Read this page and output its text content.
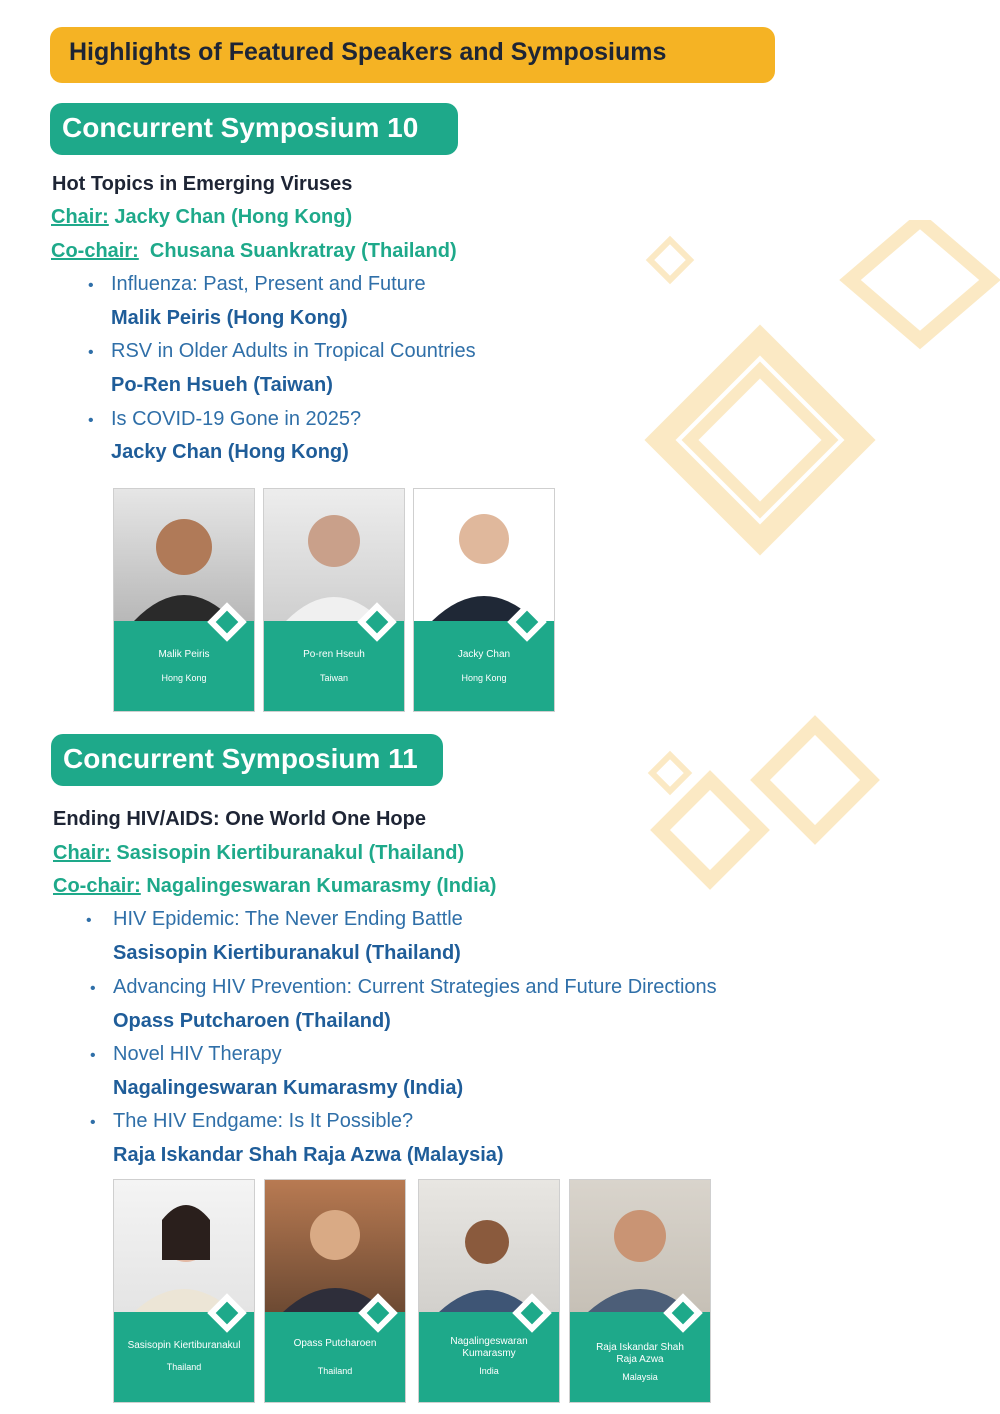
Highlights of Featured Speakers and Symposiums
Concurrent Symposium 10
Hot Topics in Emerging Viruses
Chair: Jacky Chan (Hong Kong)
Co-chair:  Chusana Suankratray (Thailand)
• Influenza: Past, Present and Future
Malik Peiris (Hong Kong)
• RSV in Older Adults in Tropical Countries
Po-Ren Hsueh (Taiwan)
• Is COVID-19 Gone in 2025?
Jacky Chan (Hong Kong)
Malik Peiris
Hong Kong
Po-ren Hseuh
Taiwan
Jacky Chan
Hong Kong
Concurrent Symposium 11
Ending HIV/AIDS: One World One Hope
Chair: Sasisopin Kiertiburanakul (Thailand)
Co-chair: Nagalingeswaran Kumarasmy (India)
• HIV Epidemic: The Never Ending Battle
Sasisopin Kiertiburanakul (Thailand)
• Advancing HIV Prevention: Current Strategies and Future Directions
Opass Putcharoen (Thailand)
• Novel HIV Therapy
Nagalingeswaran Kumarasmy (India)
• The HIV Endgame: Is It Possible?
Raja Iskandar Shah Raja Azwa (Malaysia)
Sasisopin Kiertiburanakul
Thailand
Opass Putcharoen
Thailand
Nagalingeswaran Kumarasmy
India
Raja Iskandar Shah Raja Azwa
Malaysia
